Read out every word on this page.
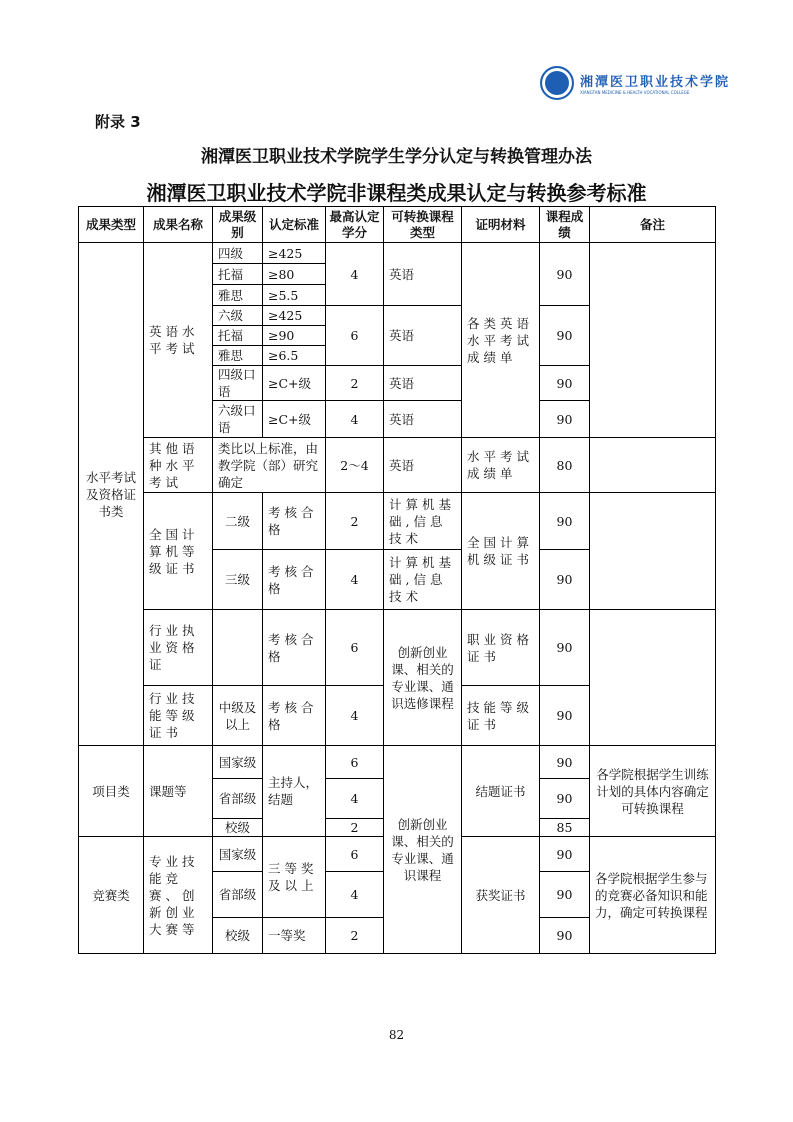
湘潭医卫职业技术学院
XIANGTAN MEDICINE & HEALTH VOCATIONAL COLLEGE
附录 3
湘潭医卫职业技术学院学生学分认定与转换管理办法
湘潭医卫职业技术学院非课程类成果认定与转换参考标准
成果类型	成果名称	成果级别	认定标准	最高认定学分	可转换课程类型	证明材料	课程成绩	备注
水平考试及资格证书类	英语水平考试	四级	≥425	4	英语	各类英语水平考试成绩单	90	
		托福	≥80					
		雅思	≥5.5					
		六级	≥425	6	英语		90	
		托福	≥90					
		雅思	≥6.5					
		四级口语	≥C+级	2	英语		90	
		六级口语	≥C+级	4	英语		90	
	其他语种水平考试	类比以上标准，由教学院（部）研究确定		2～4	英语	水平考试成绩单	80	
	全国计算机等级证书	二级	考核合格	2	计算机基础,信息技术	全国计算机级证书	90	
		三级	考核合格	4	计算机基础,信息技术		90	
	行业执业资格证		考核合格	6	创新创业课、相关的专业课、通识选修课程	职业资格证书	90	
	行业技能等级证书	中级及以上	考核合格	4		技能等级证书	90	
项目类	课题等	国家级	主持人，结题	6	创新创业课、相关的专业课、通识课程	结题证书	90	各学院根据学生训练计划的具体内容确定可转换课程
		省部级		4			90	
		校级		2			85	
竞赛类	专业技能竞赛、创新创业大赛等	国家级	三等奖及以上	6		获奖证书	90	各学院根据学生参与的竞赛必备知识和能力，确定可转换课程
		省部级		4			90	
		校级	一等奖	2			90	
82
